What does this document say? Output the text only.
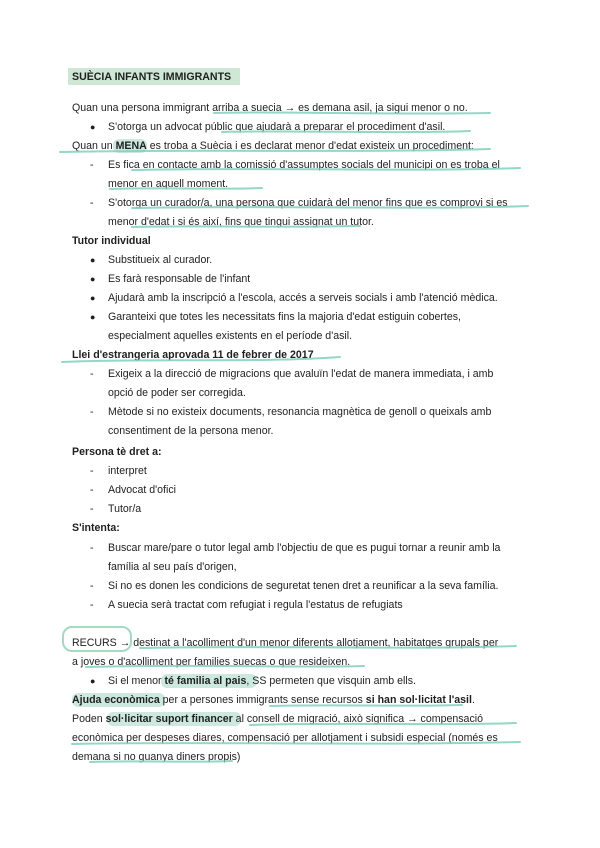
SUÈCIA INFANTS IMMIGRANTS
Quan una persona immigrant arriba a suecia → es demana asil, ja sigui menor o no.
● S'otorga un advocat públic que ajudarà a preparar el procediment d'asil.
Quan un MENA es troba a Suècia i es declarat menor d'edat existeix un procediment:
- Es fica en contacte amb la comissió d'assumptes socials del municipi on es troba el
menor en aquell moment.
- S'otorga un curador/a, una persona que cuidarà del menor fins que es comprovi si es
menor d'edat i si és així, fins que tingui assignat un tutor.
Tutor individual
● Substitueix al curador.
● Es farà responsable de l'infant
● Ajudarà amb la inscripció a l'escola, accés a serveis socials i amb l'atenció mèdica.
● Garanteixi que totes les necessitats fins la majoria d'edat estiguin cobertes,
especialment aquelles existents en el període d'asil.
Llei d'estrangeria aprovada 11 de febrer de 2017
- Exigeix a la direcció de migracions que avaluïn l'edat de manera immediata, i amb
opció de poder ser corregida.
- Mètode si no existeix documents, resonancia magnètica de genoll o queixals amb
consentiment de la persona menor.
Persona tè dret a:
- interpret
- Advocat d'ofici
- Tutor/a
S'intenta:
- Buscar mare/pare o tutor legal amb l'objectiu de que es pugui tornar a reunir amb la
família al seu país d'origen,
- Si no es donen les condicions de seguretat tenen dret a reunificar a la seva família.
- A suecia serà tractat com refugiat i regula l'estatus de refugiats
RECURS → destinat a l'acolliment d'un menor diferents allotjament, habitatges grupals per
a joves o d'acolliment per families suecas o que resideixen.
● Si el menor té familia al pais, SS permeten que visquin amb ells.
Ajuda econòmica per a persones immigrants sense recursos si han sol·licitat l'asil.
Poden sol·licitar suport financer al consell de migració, això significa → compensació
econòmica per despeses diares, compensació per allotjament i subsidi especial (només es
demana si no guanya diners propis)
